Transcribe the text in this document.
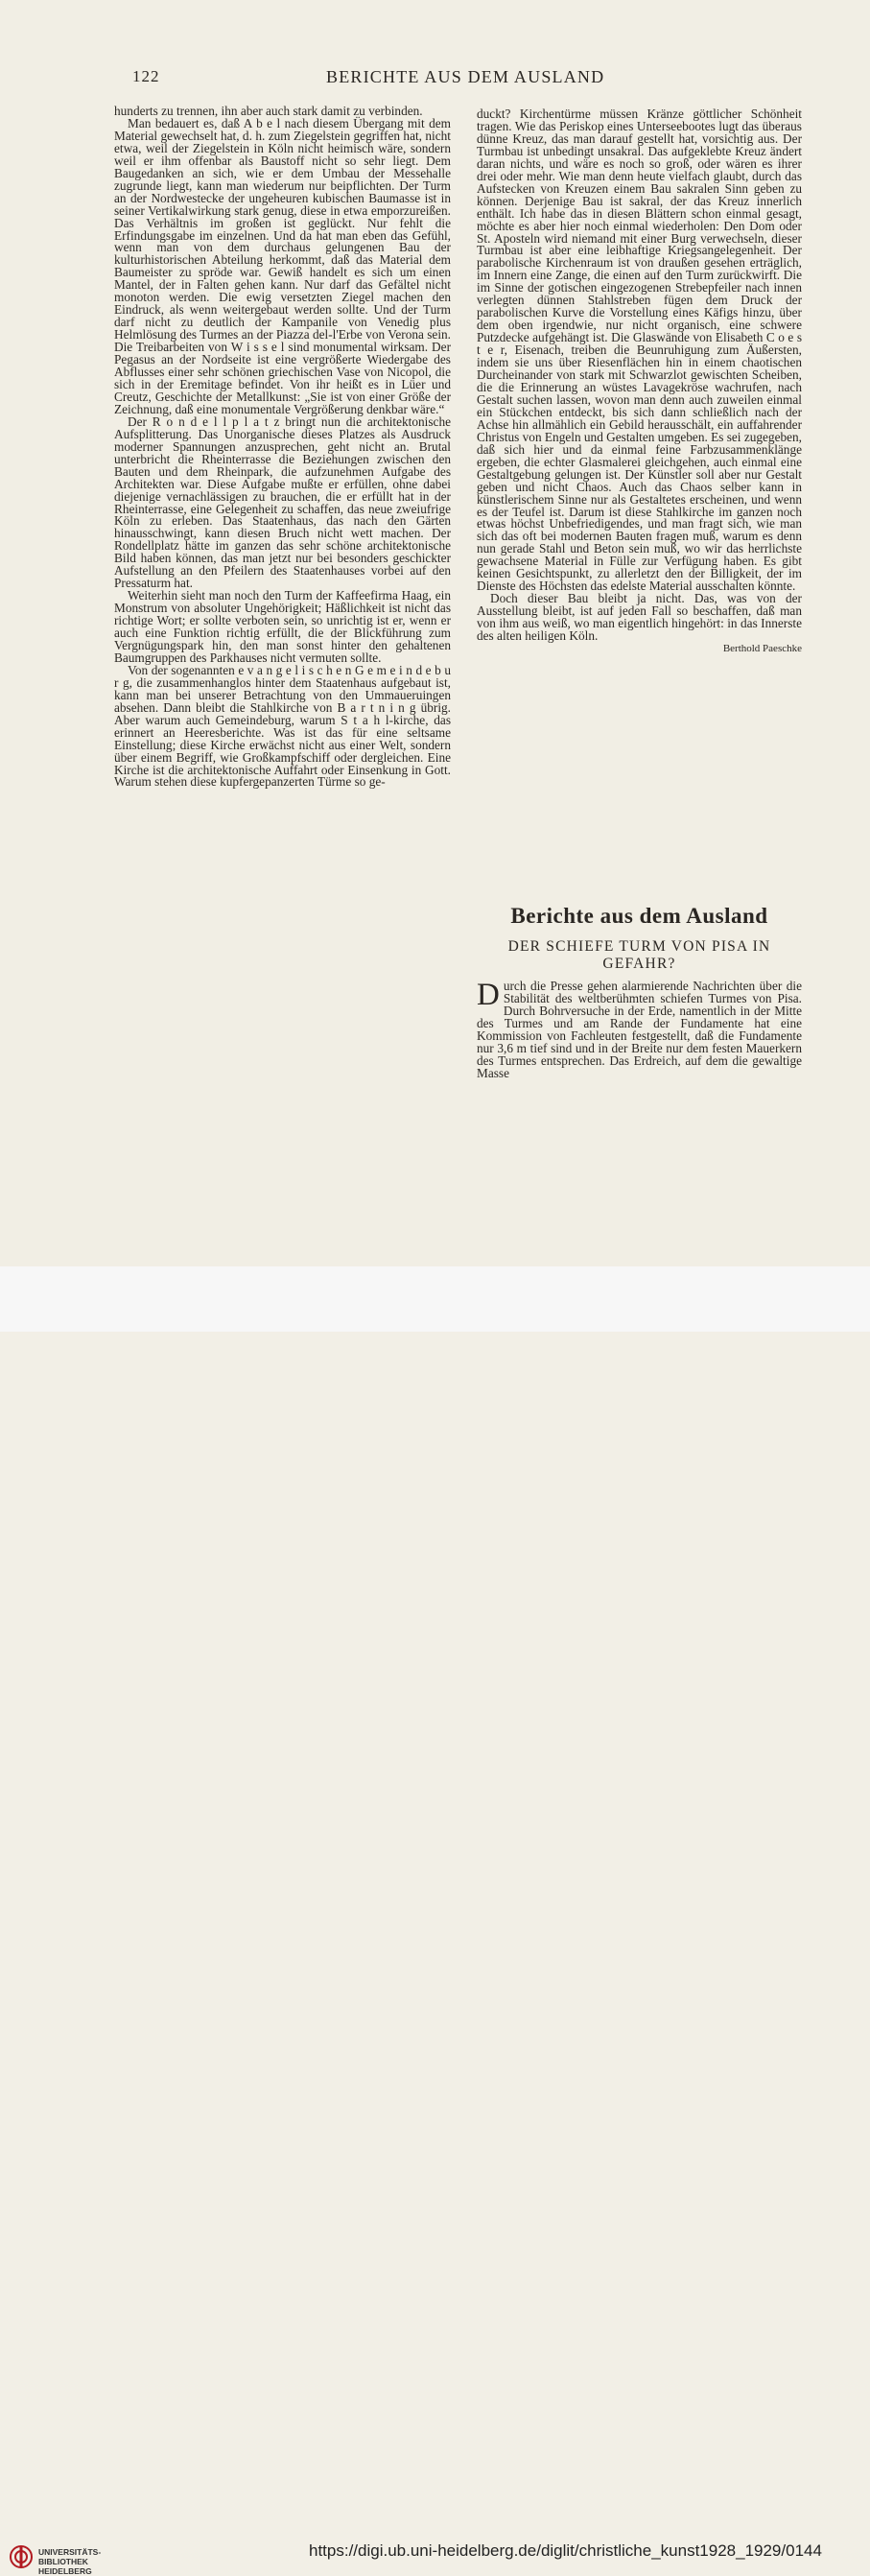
122	BERICHTE AUS DEM AUSLAND

hunderts zu trennen, ihn aber auch stark damit zu verbinden.

Man bedauert es, daß A b e l nach diesem Übergang mit dem Material gewechselt hat, d. h. zum Ziegelstein gegriffen hat, nicht etwa, weil der Ziegelstein in Köln nicht heimisch wäre, sondern weil er ihm offenbar als Baustoff nicht so sehr liegt. Dem Baugedanken an sich, wie er dem Umbau der Messehalle zugrunde liegt, kann man wiederum nur beipflichten. Der Turm an der Nordwestecke der ungeheuren kubischen Baumasse ist in seiner Vertikalwirkung stark genug, diese in etwa emporzureißen. Das Verhältnis im großen ist geglückt. Nur fehlt die Erfindungsgabe im einzelnen. Und da hat man eben das Gefühl, wenn man von dem durchaus gelungenen Bau der kulturhistorischen Abteilung herkommt, daß das Material dem Baumeister zu spröde war. Gewiß handelt es sich um einen Mantel, der in Falten gehen kann. Nur darf das Gefältel nicht monoton werden. Die ewig versetzten Ziegel machen den Eindruck, als wenn weitergebaut werden sollte. Und der Turm darf nicht zu deutlich der Kampanile von Venedig plus Helmlösung des Turmes an der Piazza del-l'Erbe von Verona sein. Die Treibarbeiten von W i s s e l sind monumental wirksam. Der Pegasus an der Nordseite ist eine vergrößerte Wiedergabe des Abflusses einer sehr schönen griechischen Vase von Nicopol, die sich in der Eremitage befindet. Von ihr heißt es in Lüer und Creutz, Geschichte der Metallkunst: „Sie ist von einer Größe der Zeichnung, daß eine monumentale Vergrößerung denkbar wäre.“

Der R o n d e l l p l a t z bringt nun die architektonische Aufsplitterung. Das Unorganische dieses Platzes als Ausdruck moderner Spannungen anzusprechen, geht nicht an. Brutal unterbricht die Rheinterrasse die Beziehungen zwischen den Bauten und dem Rheinpark, die aufzunehmen Aufgabe des Architekten war. Diese Aufgabe mußte er erfüllen, ohne dabei diejenige vernachlässigen zu brauchen, die er erfüllt hat in der Rheinterrasse, eine Gelegenheit zu schaffen, das neue zweiufrige Köln zu erleben. Das Staatenhaus, das nach den Gärten hinausschwingt, kann diesen Bruch nicht wett machen. Der Rondellplatz hätte im ganzen das sehr schöne architektonische Bild haben können, das man jetzt nur bei besonders geschickter Aufstellung an den Pfeilern des Staatenhauses vorbei auf den Pressaturm hat.

Weiterhin sieht man noch den Turm der Kaffeefirma Haag, ein Monstrum von absoluter Ungehörigkeit; Häßlichkeit ist nicht das richtige Wort; er sollte verboten sein, so unrichtig ist er, wenn er auch eine Funktion richtig erfüllt, die der Blickführung zum Vergnügungspark hin, den man sonst hinter den gehaltenen Baumgruppen des Parkhauses nicht vermuten sollte.

Von der sogenannten e v a n g e l i s c h e n G e m e i n d e b u r g, die zusammenhanglos hinter dem Staatenhaus aufgebaut ist, kann man bei unserer Betrachtung von den Ummaueruingen absehen. Dann bleibt die Stahlkirche von B a r t n i n g übrig. Aber warum auch Gemeindeburg, warum S t a h l-kirche, das erinnert an Heeresberichte. Was ist das für eine seltsame Einstellung; diese Kirche erwächst nicht aus einer Welt, sondern über einem Begriff, wie Großkampfschiff oder dergleichen. Eine Kirche ist die architektonische Auffahrt oder Einsenkung in Gott. Warum stehen diese kupfergepanzerten Türme so ge-

duckt? Kirchentürme müssen Kränze göttlicher Schönheit tragen. Wie das Periskop eines Unterseebootes lugt das überaus dünne Kreuz, das man darauf gestellt hat, vorsichtig aus. Der Turmbau ist unbedingt unsakral. Das aufgeklebte Kreuz ändert daran nichts, und wäre es noch so groß, oder wären es ihrer drei oder mehr. Wie man denn heute vielfach glaubt, durch das Aufstecken von Kreuzen einem Bau sakralen Sinn geben zu können. Derjenige Bau ist sakral, der das Kreuz innerlich enthält. Ich habe das in diesen Blättern schon einmal gesagt, möchte es aber hier noch einmal wiederholen: Den Dom oder St. Aposteln wird niemand mit einer Burg verwechseln, dieser Turmbau ist aber eine leibhaftige Kriegsangelegenheit. Der parabolische Kirchenraum ist von draußen gesehen erträglich, im Innern eine Zange, die einen auf den Turm zurückwirft. Die im Sinne der gotischen eingezogenen Strebepfeiler nach innen verlegten dünnen Stahlstreben fügen dem Druck der parabolischen Kurve die Vorstellung eines Käfigs hinzu, über dem oben irgendwie, nur nicht organisch, eine schwere Putzdecke aufgehängt ist. Die Glaswände von Elisabeth C o e s t e r, Eisenach, treiben die Beunruhigung zum Äußersten, indem sie uns über Riesenflächen hin in einem chaotischen Durcheinander von stark mit Schwarzlot gewischten Scheiben, die die Erinnerung an wüstes Lavagekröse wachrufen, nach Gestalt suchen lassen, wovon man denn auch zuweilen einmal ein Stückchen entdeckt, bis sich dann schließlich nach der Achse hin allmählich ein Gebild herausschält, ein auffahrender Christus von Engeln und Gestalten umgeben. Es sei zugegeben, daß sich hier und da einmal feine Farbzusammenklänge ergeben, die echter Glasmalerei gleichgehen, auch einmal eine Gestaltgebung gelungen ist. Der Künstler soll aber nur Gestalt geben und nicht Chaos. Auch das Chaos selber kann in künstlerischem Sinne nur als Gestaltetes erscheinen, und wenn es der Teufel ist. Darum ist diese Stahlkirche im ganzen noch etwas höchst Unbefriedigendes, und man fragt sich, wie man sich das oft bei modernen Bauten fragen muß, warum es denn nun gerade Stahl und Beton sein muß, wo wir das herrlichste gewachsene Material in Fülle zur Verfügung haben. Es gibt keinen Gesichtspunkt, zu allerletzt den der Billigkeit, der im Dienste des Höchsten das edelste Material ausschalten könnte.

Doch dieser Bau bleibt ja nicht. Das, was von der Ausstellung bleibt, ist auf jeden Fall so beschaffen, daß man von ihm aus weiß, wo man eigentlich hingehört: in das Innerste des alten heiligen Köln.

Berthold Paeschke

Berichte aus dem Ausland
DER SCHIEFE TURM VON PISA IN GEFAHR?
D urch die Presse gehen alarmierende Nachrichten über die Stabilität des weltberühmten schiefen Turmes von Pisa. Durch Bohrversuche in der Erde, namentlich in der Mitte des Turmes und am Rande der Fundamente hat eine Kommission von Fachleuten festgestellt, daß die Fundamente nur 3,6 m tief sind und in der Breite nur dem festen Mauerkern des Turmes entsprechen. Das Erdreich, auf dem die gewaltige Masse
UNIVERSITÄTS-
BIBLIOTHEK
HEIDELBERG
https://digi.ub.uni-heidelberg.de/diglit/christliche_kunst1928_1929/0144
